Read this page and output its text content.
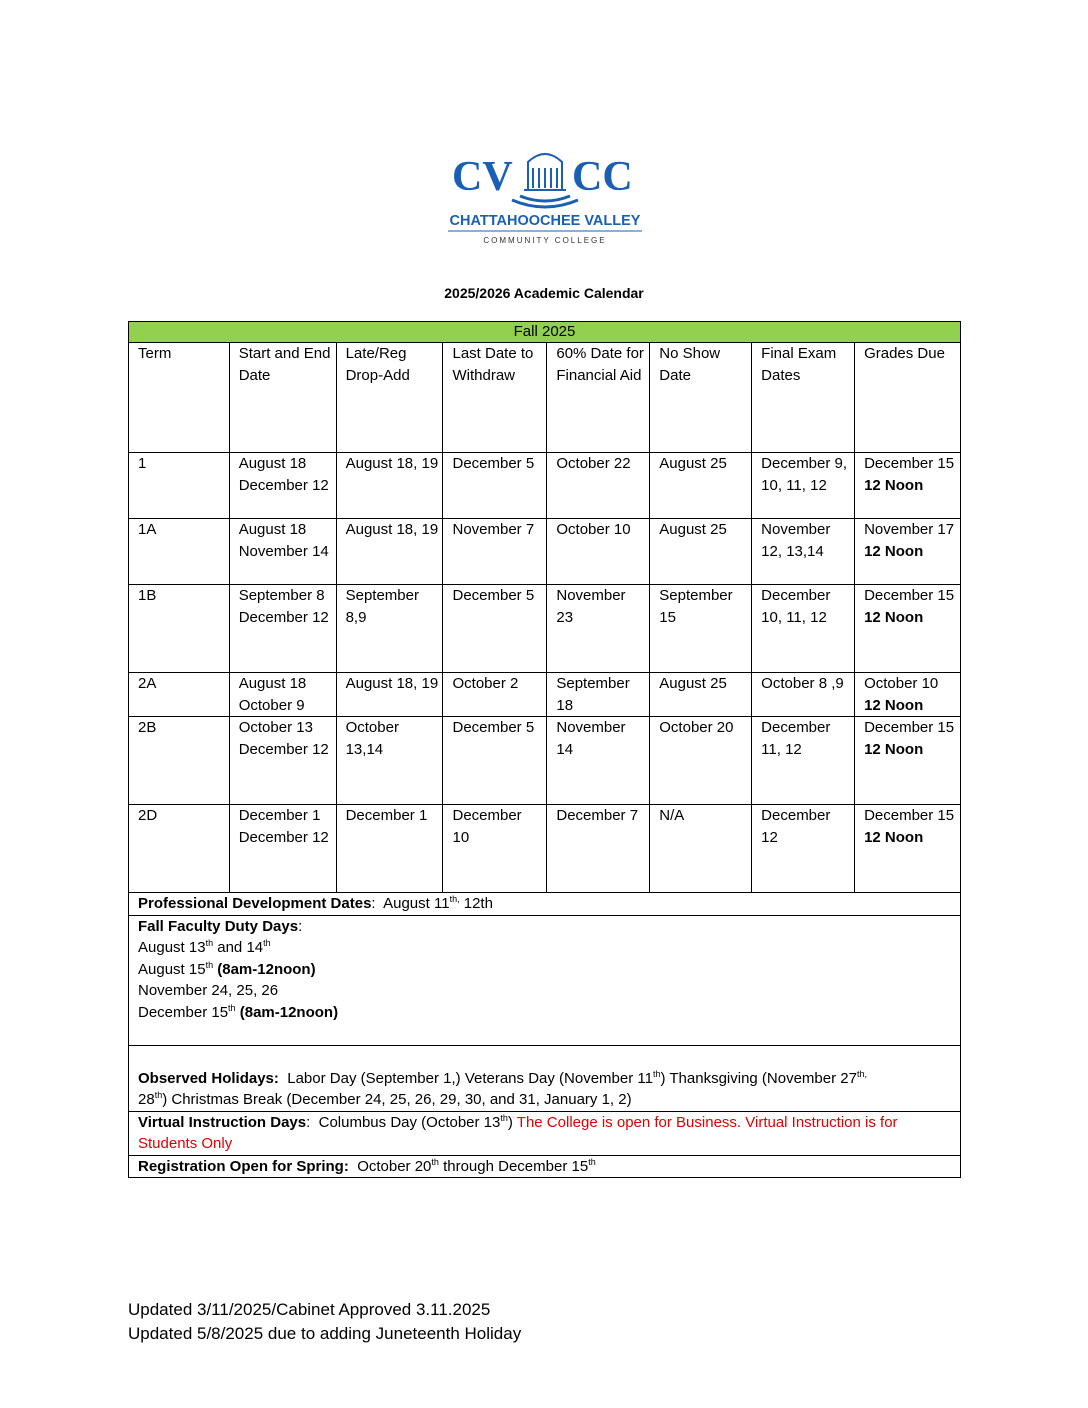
CV CC
CHATTAHOOCHEE VALLEY
COMMUNITY COLLEGE
2025/2026 Academic Calendar
Fall 2025							
Term	Start and End Date	Late/Reg Drop-Add	Last Date to Withdraw	60% Date for Financial Aid	No Show Date	Final Exam Dates	Grades Due
1	August 18 December 12	August 18, 19	December 5	October 22	August 25	December 9, 10, 11, 12	December 15
12 Noon
1A	August 18 November 14	August 18, 19	November 7	October 10	August 25	November 12, 13,14	November 17
12 Noon
1B	September 8 December 12	September 8,9	December 5	November 23	September 15	December 10, 11, 12	December 15
12 Noon
2A	August 18 October 9	August 18, 19	October 2	September 18	August 25	October 8 ,9	October 10
12 Noon
2B	October 13 December 12	October 13,14	December 5	November 14	October 20	December 11, 12	December 15
12 Noon
2D	December 1 December 12	December 1	December 10	December 7	N/A	December 12	December 15
12 Noon
Professional Development Dates:  August $11^{th,}$ 12th							
Fall Faculty Duty Days:
August 13th and 14th
August 15th (8am-12noon)
November 24, 25, 26
December 15th (8am-12noon)							
Observed Holidays: Labor Day (September 1,) Veterans Day (November 11th) Thanksgiving (November $27^{th,}$
28th) Christmas Break (December 24, 25, 26, 29, 30, and 31, January 1, 2)							
Virtual Instruction Days:  Columbus Day (October 13th) The College is open for Business. Virtual Instruction is for Students Only							
Registration Open for Spring: October 20th through December 15th
Updated 3/11/2025/Cabinet Approved 3.11.2025
Updated 5/8/2025 due to adding Juneteenth Holiday
